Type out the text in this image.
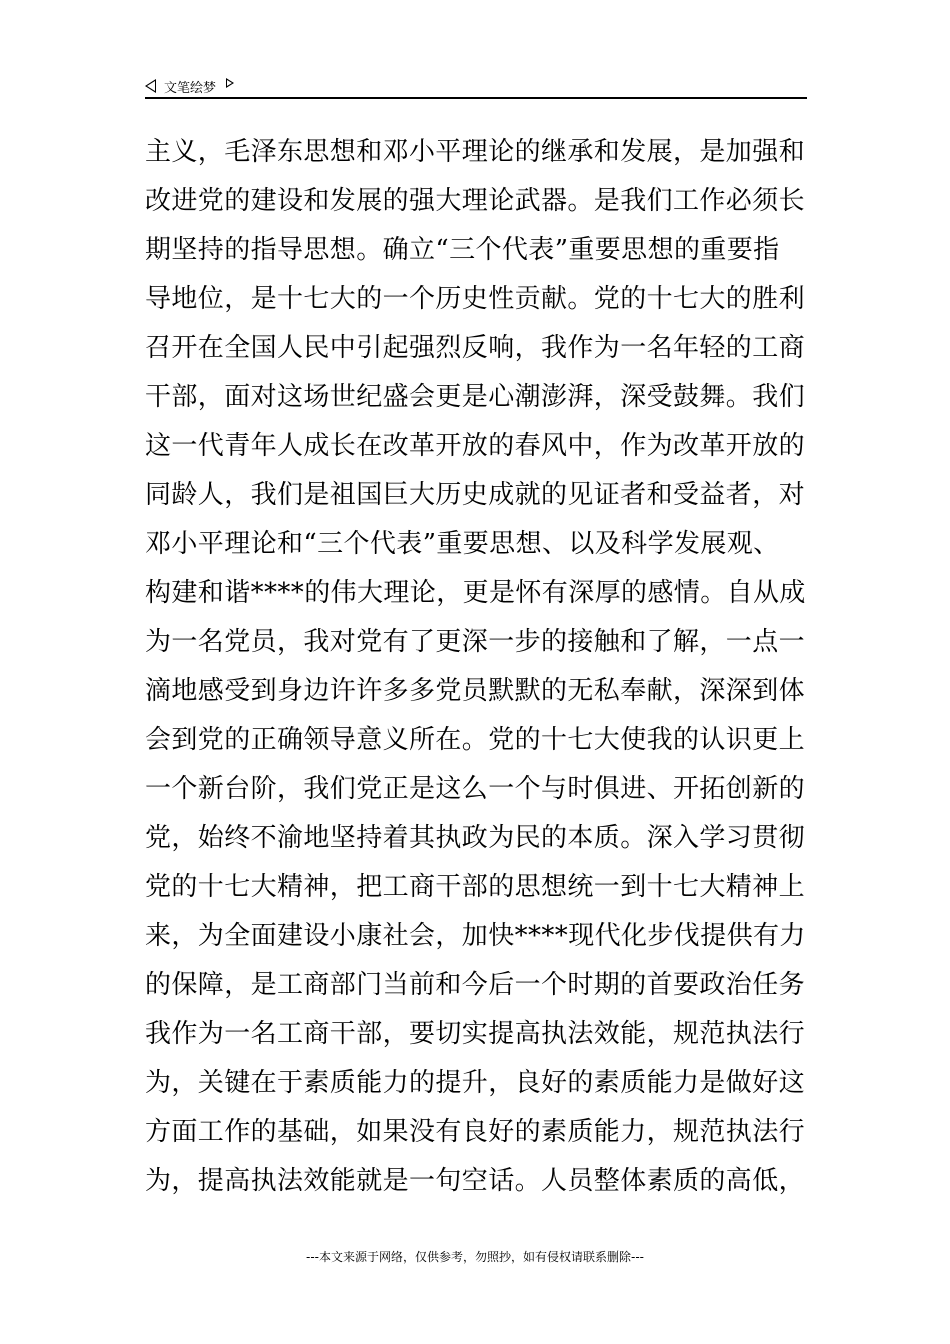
文笔绘梦
主义，毛泽东思想和邓小平理论的继承和发展，是加强和
改进党的建设和发展的强大理论武器。是我们工作必须长
期坚持的指导思想。确立“三个代表”重要思想的重要指
导地位，是十七大的一个历史性贡献。党的十七大的胜利
召开在全国人民中引起强烈反响，我作为一名年轻的工商
干部，面对这场世纪盛会更是心潮澎湃，深受鼓舞。我们
这一代青年人成长在改革开放的春风中，作为改革开放的
同龄人，我们是祖国巨大历史成就的见证者和受益者，对
邓小平理论和“三个代表”重要思想、以及科学发展观、
构建和谐****的伟大理论，更是怀有深厚的感情。自从成
为一名党员，我对党有了更深一步的接触和了解，一点一
滴地感受到身边许许多多党员默默的无私奉献，深深到体
会到党的正确领导意义所在。党的十七大使我的认识更上
一个新台阶，我们党正是这么一个与时俱进、开拓创新的
党，始终不渝地坚持着其执政为民的本质。深入学习贯彻
党的十七大精神，把工商干部的思想统一到十七大精神上
来，为全面建设小康社会，加快****现代化步伐提供有力
的保障，是工商部门当前和今后一个时期的首要政治任务
我作为一名工商干部，要切实提高执法效能，规范执法行
为，关键在于素质能力的提升，良好的素质能力是做好这
方面工作的基础，如果没有良好的素质能力，规范执法行
为，提高执法效能就是一句空话。人员整体素质的高低，
---本文来源于网络，仅供参考，勿照抄，如有侵权请联系删除---
